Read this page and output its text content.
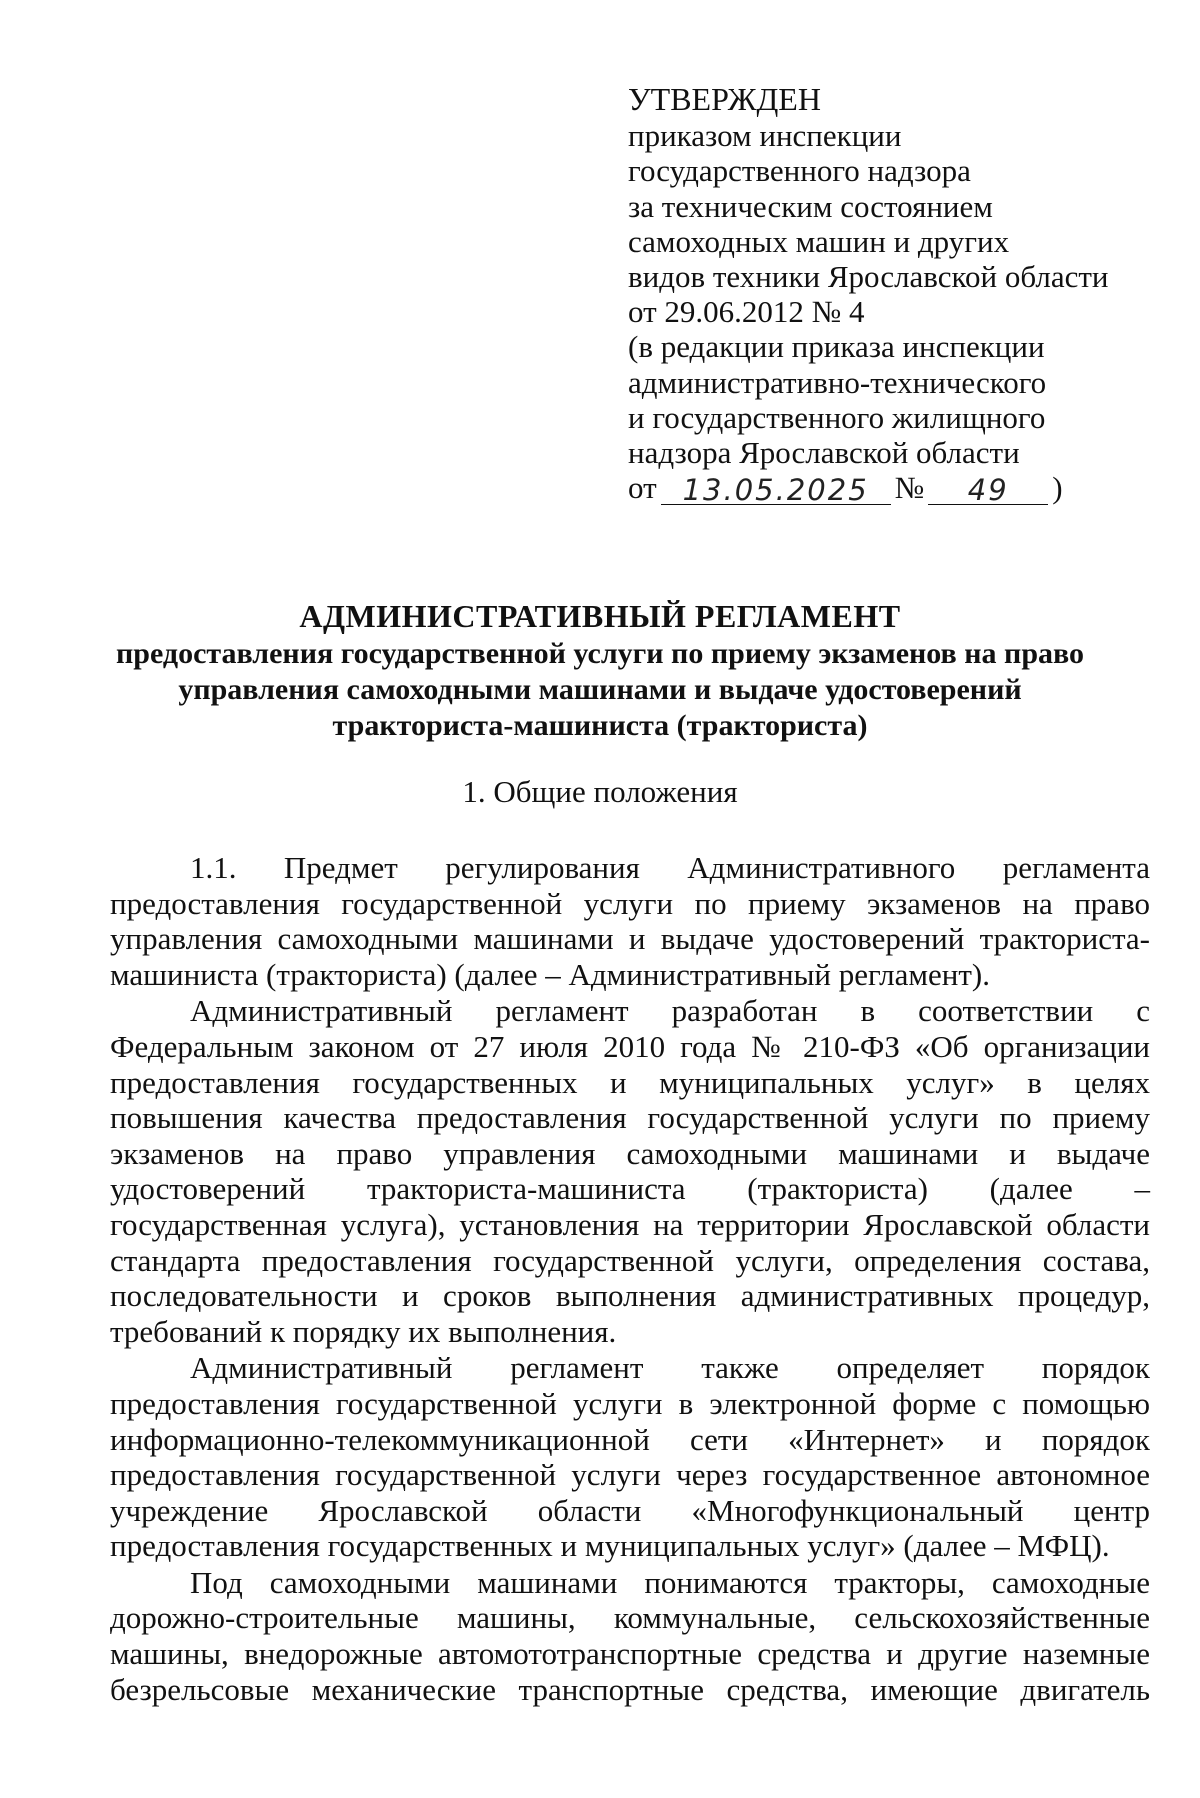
УТВЕРЖДЕН
приказом инспекции
государственного надзора
за техническим состоянием
самоходных машин и других
видов техники Ярославской области
от 29.06.2012 № 4
(в редакции приказа инспекции
административно-технического
и государственного жилищного
надзора Ярославской области
от 13.05.2025 №	49	)
АДМИНИСТРАТИВНЫЙ РЕГЛАМЕНТ
предоставления государственной услуги по приему экзаменов на право
управления самоходными машинами и выдаче удостоверений
тракториста-машиниста (тракториста)
1. Общие положения

1.1. Предмет регулирования Административного регламента предоставления государственной услуги по приему экзаменов на право управления самоходными машинами и выдаче удостоверений тракториста-машиниста (тракториста) (далее – Административный регламент).

Административный регламент разработан в соответствии с Федеральным законом от 27 июля 2010 года № 210-ФЗ «Об организации предоставления государственных и муниципальных услуг» в целях повышения качества предоставления государственной услуги по приему экзаменов на право управления самоходными машинами и выдаче удостоверений тракториста-машиниста (тракториста) (далее – государственная услуга), установления на территории Ярославской области стандарта предоставления государственной услуги, определения состава, последовательности и сроков выполнения административных процедур, требований к порядку их выполнения.

Административный регламент также определяет порядок предоставления государственной услуги в электронной форме с помощью информационно-телекоммуникационной сети «Интернет» и порядок предоставления государственной услуги через государственное автономное учреждение Ярославской области «Многофункциональный центр предоставления государственных и муниципальных услуг» (далее – МФЦ).

Под самоходными машинами понимаются тракторы, самоходные дорожно-строительные машины, коммунальные, сельскохозяйственные машины, внедорожные автомототранспортные средства и другие наземные безрельсовые механические транспортные средства, имеющие двигатель
